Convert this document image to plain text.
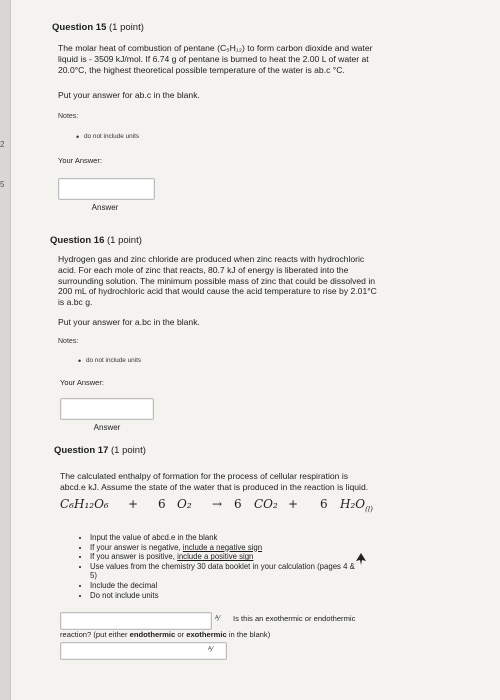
2
5
Question 15 (1 point)
The molar heat of combustion of pentane (C₅H₁₂) to form carbon dioxide and water
liquid is - 3509 kJ/mol. If 6.74 g of pentane is burned to heat the 2.00 L of water at
20.0°C, the highest theoretical possible temperature of the water is ab.c °C.
Put your answer for ab.c in the blank.
Notes:
• do not include units
Your Answer:
Answer
Question 16 (1 point)
Hydrogen gas and zinc chloride are produced when zinc reacts with hydrochloric
acid. For each mole of zinc that reacts, 80.7 kJ of energy is liberated into the
surrounding solution. The minimum possible mass of zinc that could be dissolved in
200 mL of hydrochloric acid that would cause the acid temperature to rise by 2.01°C
is a.bc g.
Put your answer for a.bc in the blank.
Notes:
• do not include units
Your Answer:
Answer
Question 17 (1 point)
The calculated enthalpy of formation for the process of cellular respiration is
abcd.e kJ. Assume the state of the water that is produced in the reaction is liquid.
C₆H₁₂O₆ + 6 O₂ → 6 CO₂ + 6 $H_2O_{(l)}$
• Input the value of abcd.e in the blank
• If your answer is negative, include a negative sign
• If you answer is positive, include a positive sign
• Use values from the chemistry 30 data booklet in your calculation (pages 4 &
5)
• Include the decimal
• Do not include units
ᴬ⁄ Is this an exothermic or endothermic
reaction? (put either endothermic or exothermic in the blank)
ᴬ⁄
